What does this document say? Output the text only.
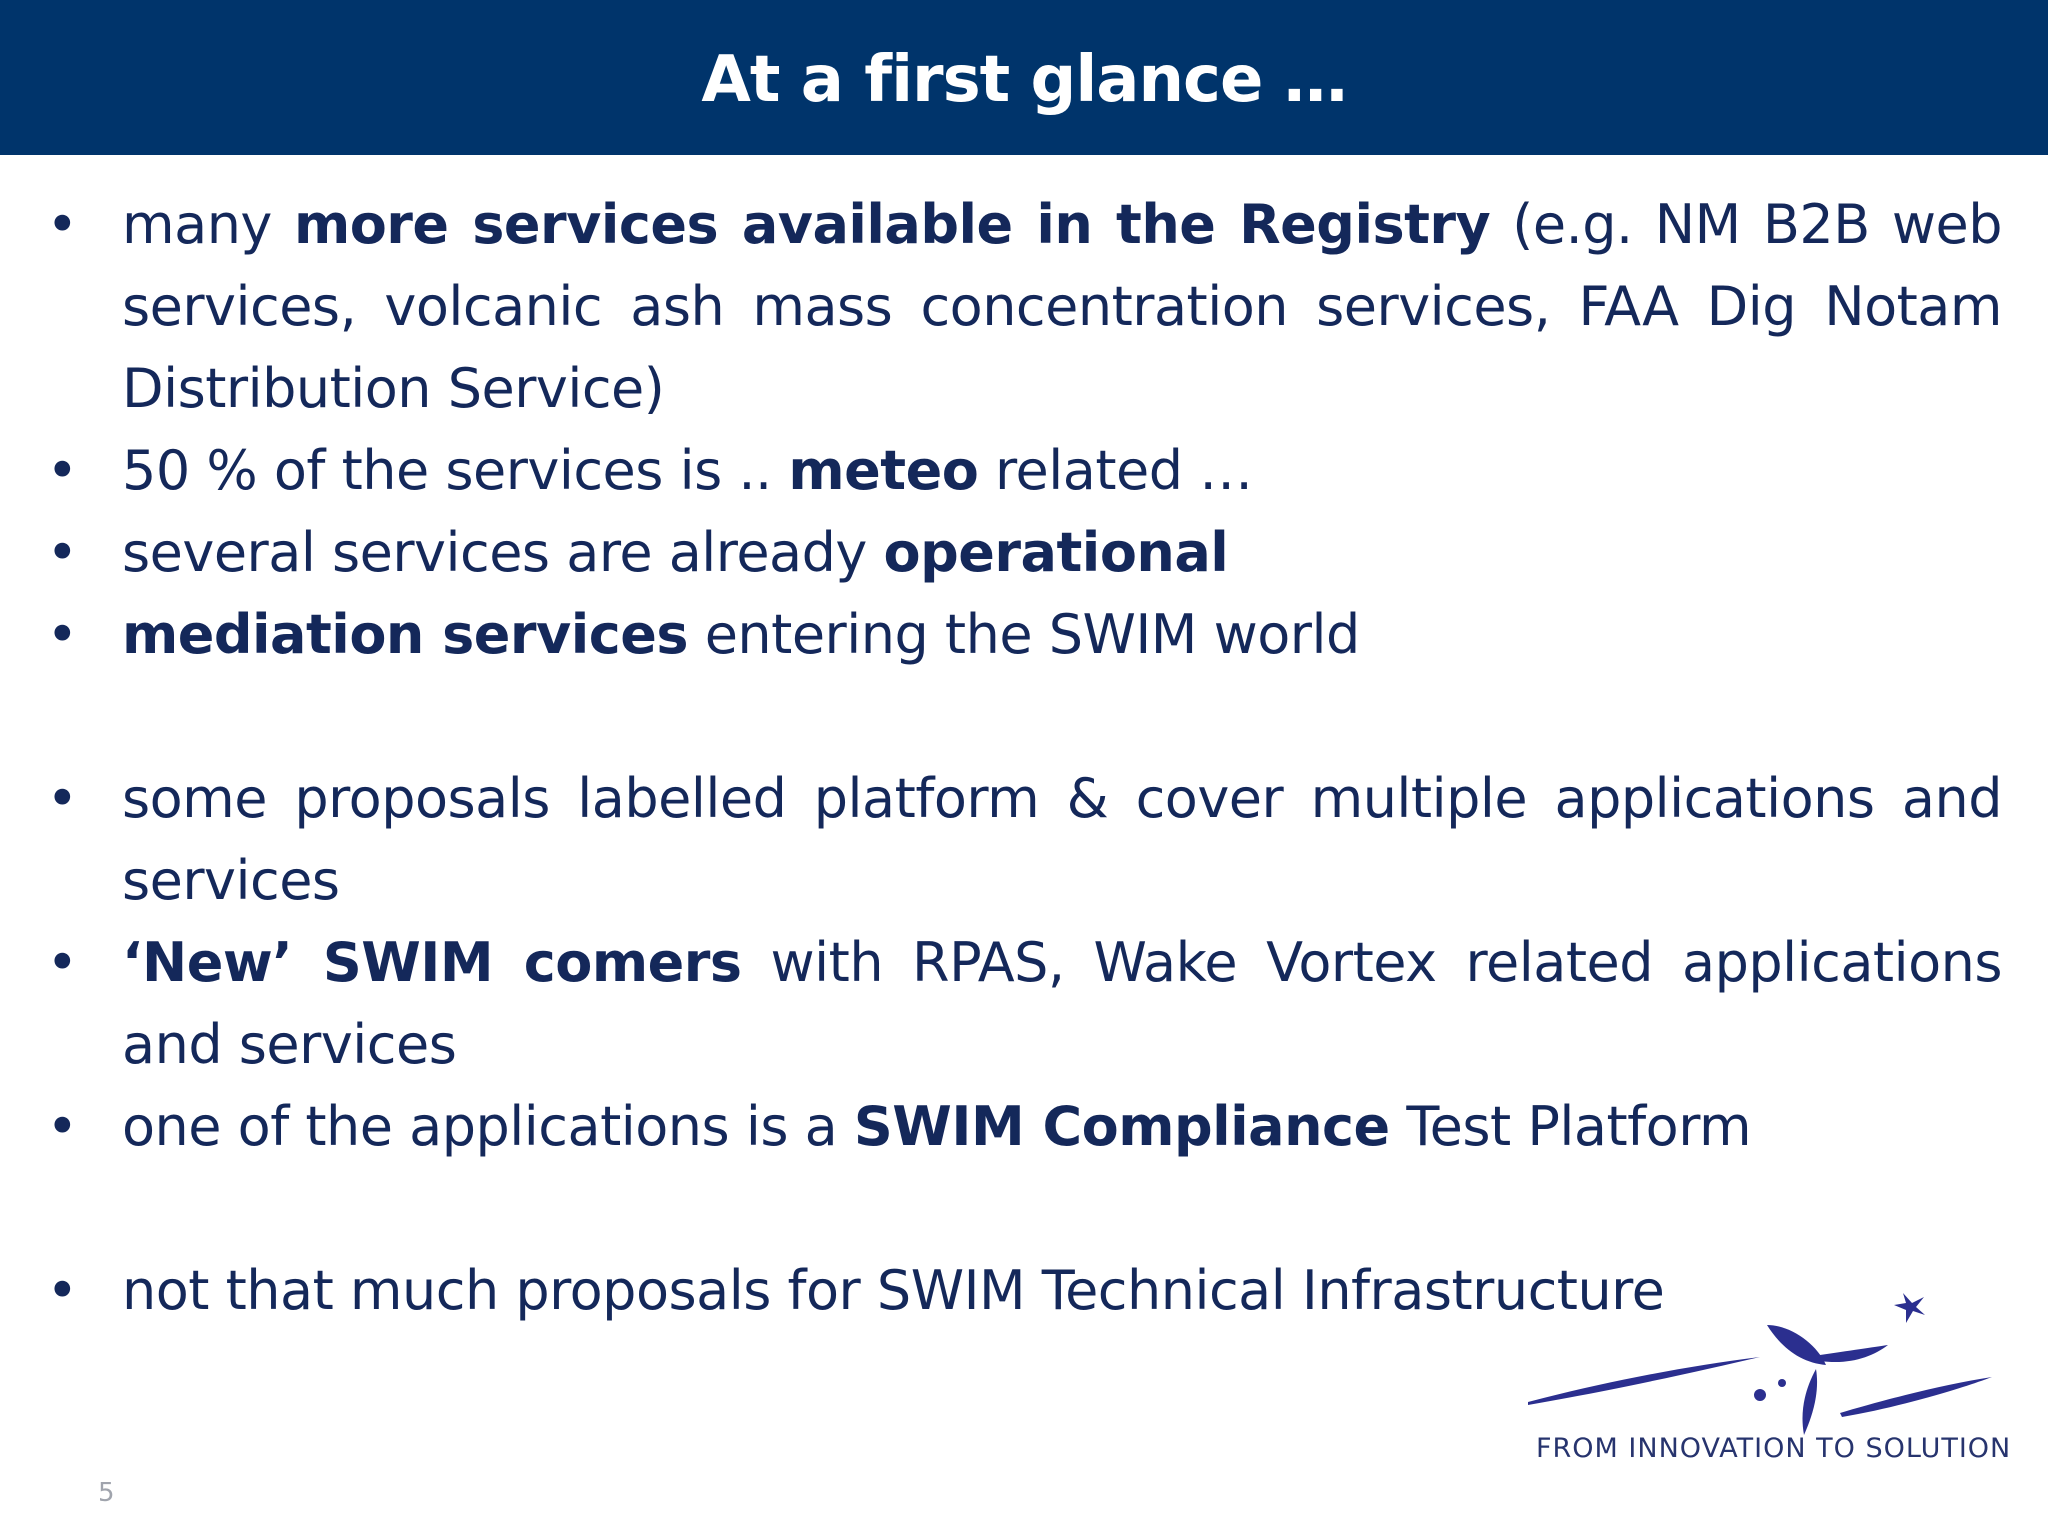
At a first glance …
• many more services available in the Registry (e.g. NM B2B web services, volcanic ash mass concentration services, FAA Dig Notam Distribution Service)
• 50 % of the services is .. meteo related …
• several services are already operational
• mediation services entering the SWIM world
• some proposals labelled platform & cover multiple applications and services
• ‘New’ SWIM comers with RPAS, Wake Vortex related applications and services
• one of the applications is a SWIM Compliance Test Platform
• not that much proposals for SWIM Technical Infrastructure
FROM INNOVATION TO SOLUTION
5
